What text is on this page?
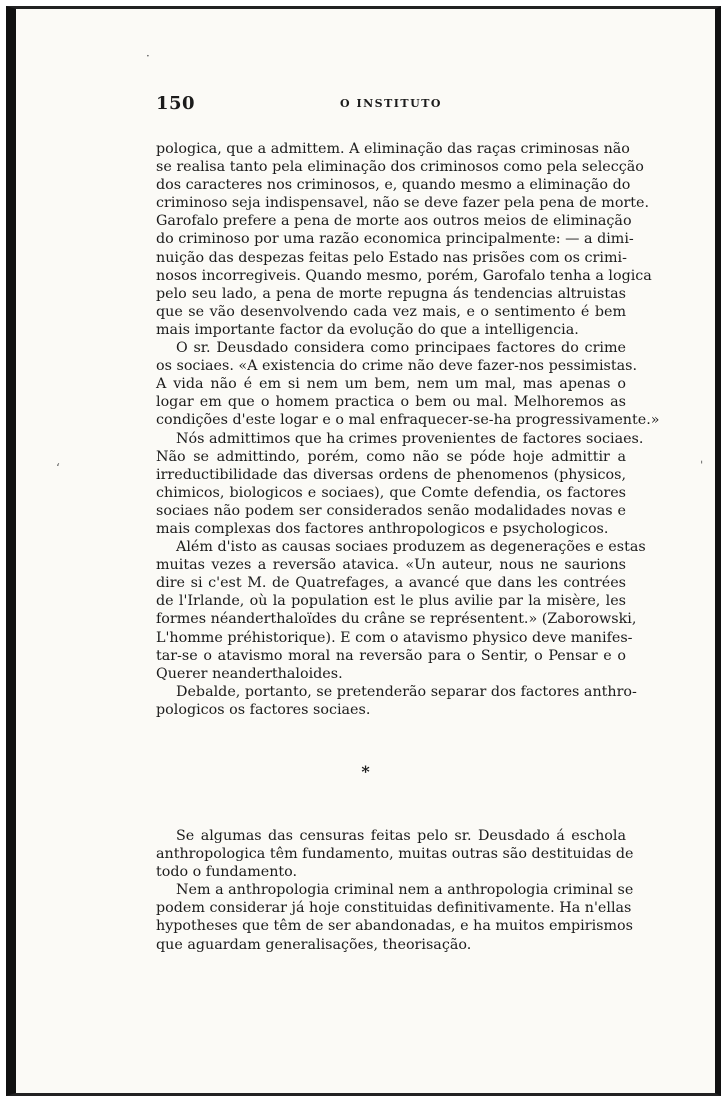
150	O INSTITUTO
pologica, que a admittem. A eliminação das raças criminosas não
se realisa tanto pela eliminação dos criminosos como pela selecção
dos caracteres nos criminosos, e, quando mesmo a eliminação do
criminoso seja indispensavel, não se deve fazer pela pena de morte.
Garofalo prefere a pena de morte aos outros meios de eliminação
do criminoso por uma razão economica principalmente: — a dimi-
nuição das despezas feitas pelo Estado nas prisões com os crimi-
nosos incorregiveis. Quando mesmo, porém, Garofalo tenha a logica
pelo seu lado, a pena de morte repugna ás tendencias altruistas
que se vão desenvolvendo cada vez mais, e o sentimento é bem
mais importante factor da evolução do que a intelligencia.
O sr. Deusdado considera como principaes factores do crime
os sociaes. «A existencia do crime não deve fazer-nos pessimistas.
A vida não é em si nem um bem, nem um mal, mas apenas o
logar em que o homem practica o bem ou mal. Melhoremos as
condições d'este logar e o mal enfraquecer-se-ha progressivamente.»
Nós admittimos que ha crimes provenientes de factores sociaes.
Não se admittindo, porém, como não se póde hoje admittir a
irreductibilidade das diversas ordens de phenomenos (physicos,
chimicos, biologicos e sociaes), que Comte defendia, os factores
sociaes não podem ser considerados senão modalidades novas e
mais complexas dos factores anthropologicos e psychologicos.
Além d'isto as causas sociaes produzem as degenerações e estas
muitas vezes a reversão atavica. «Un auteur, nous ne saurions
dire si c'est M. de Quatrefages, a avancé que dans les contrées
de l'Irlande, où la population est le plus avilie par la misère, les
formes néanderthaloïdes du crâne se représentent.» (Zaborowski,
L'homme préhistorique). E com o atavismo physico deve manifes-
tar-se o atavismo moral na reversão para o Sentir, o Pensar e o
Querer neanderthaloides.
Debalde, portanto, se pretenderão separar dos factores anthro-
pologicos os factores sociaes.
*
Se algumas das censuras feitas pelo sr. Deusdado á eschola
anthropologica têm fundamento, muitas outras são destituidas de
todo o fundamento.
Nem a anthropologia criminal nem a anthropologia criminal se
podem considerar já hoje constituidas definitivamente. Ha n'ellas
hypotheses que têm de ser abandonadas, e ha muitos empirismos
que aguardam generalisações, theorisação.
·
‘	ˈ
